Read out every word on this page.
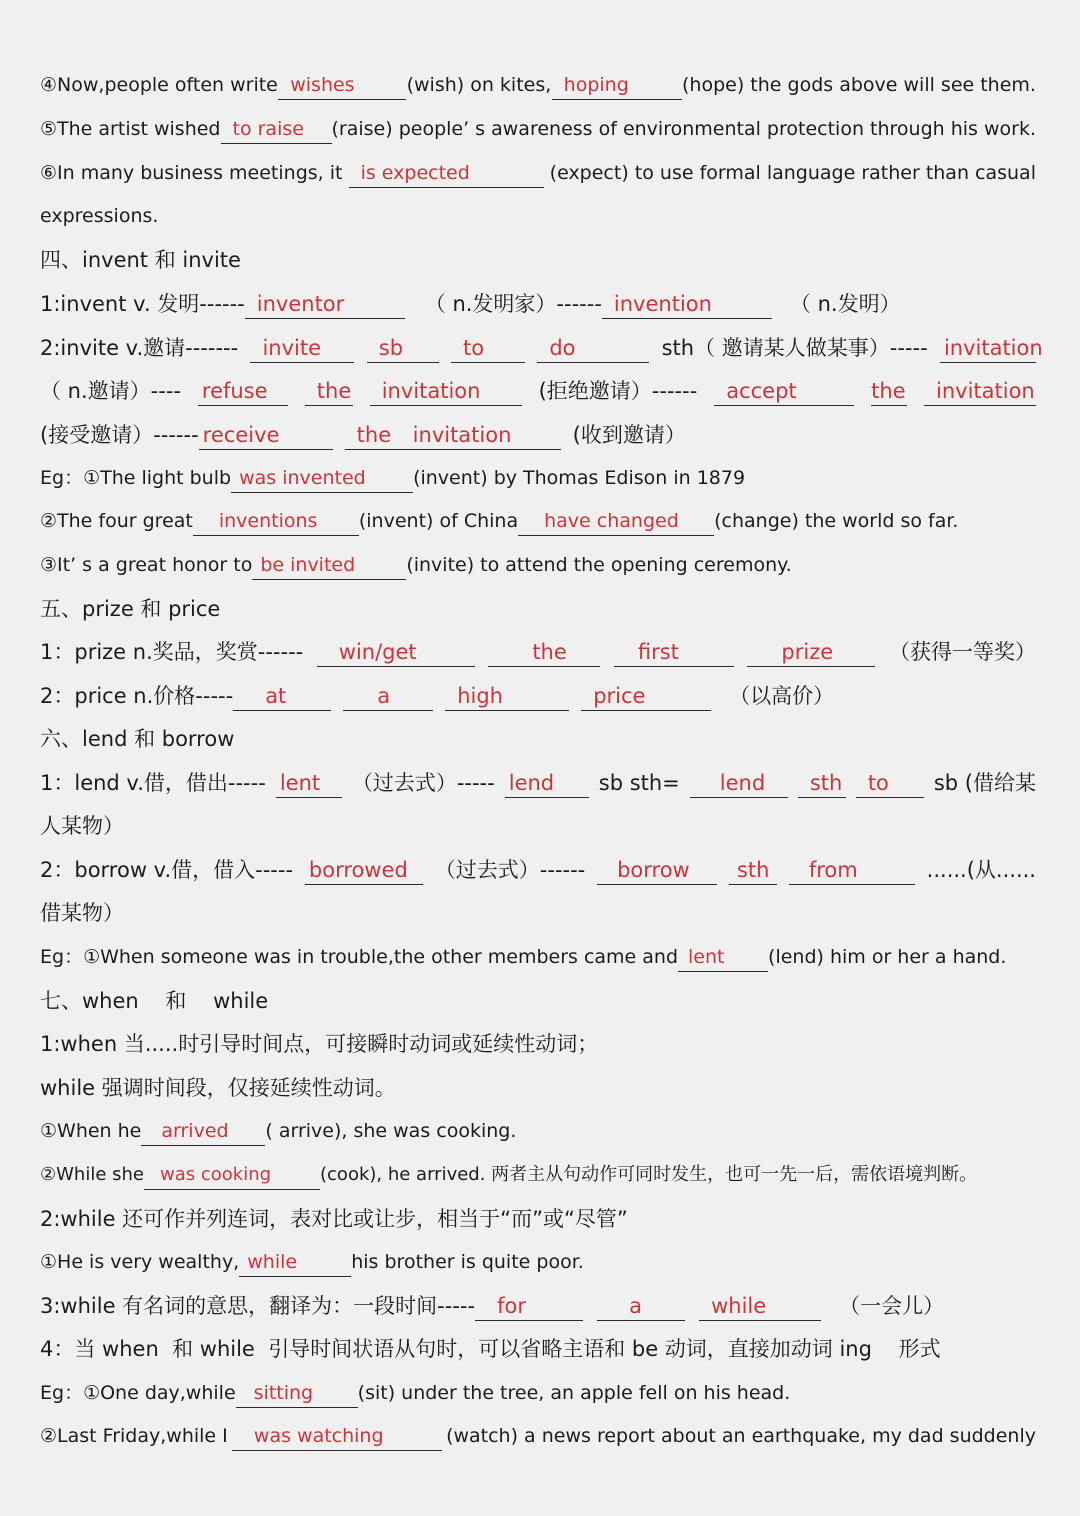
④Now,people often write wishes	(wish) on kites, hoping	(hope) the gods above will see them.
⑤The artist wished to raise	(raise) people’ s awareness of environmental protection through his work.
⑥In many business meetings, it is expected	(expect) to use formal language rather than casual
expressions.
四、invent 和 invite
1:invent v. 发明------ inventor	（ n.发明家）------ invention	（ n.发明）
2:invite v.邀请-------	invite	sb	to	do	sth（ 邀请某人做某事）----- invitation
（ n.邀请）---- refuse	the	invitation	(拒绝邀请）------	accept	the	invitation
(接受邀请）------ receive	the	invitation	(收到邀请）
Eg：①The light bulb was invented	(invent) by Thomas Edison in 1879
②The four great	inventions	(invent) of China	have changed	(change) the world so far.
③It’ s a great honor to be invited	(invite) to attend the opening ceremony.
五、prize 和 price
1：prize n.奖品，奖赏------	win/get	the	first	prize	（获得一等奖）
2：price n.价格-----	at	a	high	price	（以高价）
六、lend 和 borrow
1：lend v.借，借出----- lent	（过去式）----- lend	sb sth=	lend	sth	to	sb (借给某
人某物）
2：borrow v.借，借入----- borrowed	（过去式）------	borrow	sth	from	......(从......
借某物）
Eg：①When someone was in trouble,the other members came and lent	(lend) him or her a hand.
七、when    和    while
1:when 当.....时引导时间点，可接瞬时动词或延续性动词；
while 强调时间段，仅接延续性动词。
①When he	arrived	( arrive), she was cooking.
②While she was cooking	(cook), he arrived. 两者主从句动作可同时发生，也可一先一后，需依语境判断。
2:while 还可作并列连词，表对比或让步，相当于“而”或“尽管”
①He is very wealthy, while	his brother is quite poor.
3:while 有名词的意思，翻译为：一段时间-----	for	a	while	（一会儿）
4：当 when  和 while  引导时间状语从句时，可以省略主语和 be 动词，直接加动词 ing    形式
Eg：①One day,while sitting	(sit) under the tree, an apple fell on his head.
②Last Friday,while I	was watching	(watch) a news report about an earthquake, my dad suddenly
